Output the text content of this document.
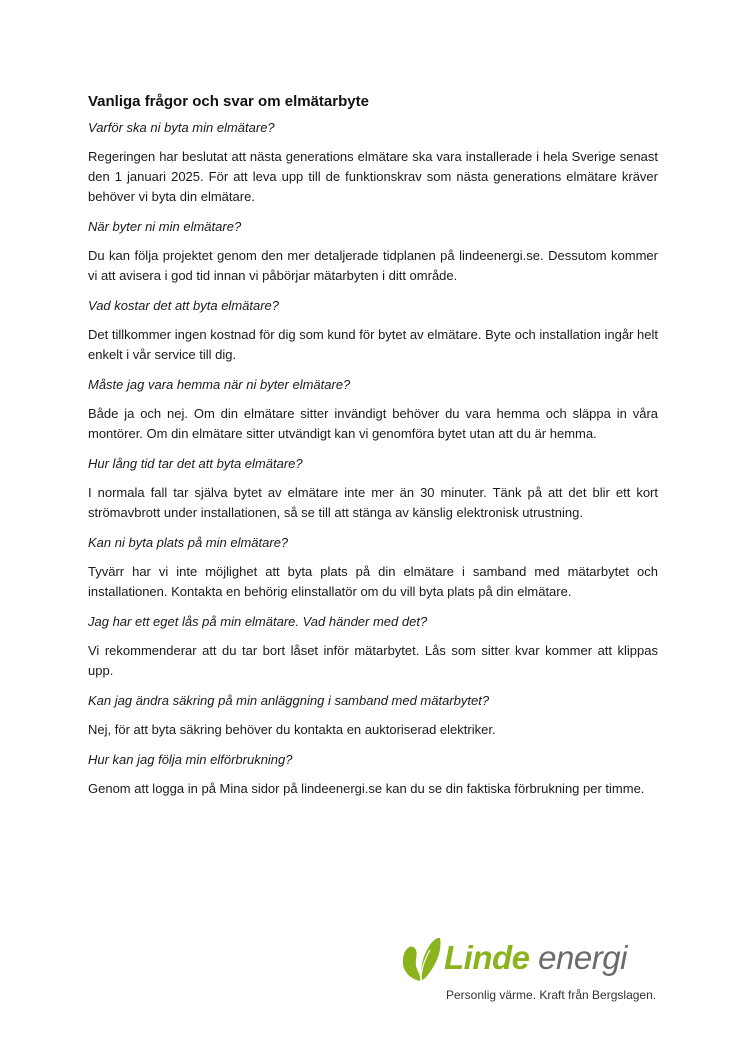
Vanliga frågor och svar om elmätarbyte
Varför ska ni byta min elmätare?
Regeringen har beslutat att nästa generations elmätare ska vara installerade i hela Sverige senast den 1 januari 2025. För att leva upp till de funktionskrav som nästa generations elmätare kräver behöver vi byta din elmätare.
När byter ni min elmätare?
Du kan följa projektet genom den mer detaljerade tidplanen på lindeenergi.se. Dessutom kommer vi att avisera i god tid innan vi påbörjar mätarbyten i ditt område.
Vad kostar det att byta elmätare?
Det tillkommer ingen kostnad för dig som kund för bytet av elmätare. Byte och installation ingår helt enkelt i vår service till dig.
Måste jag vara hemma när ni byter elmätare?
Både ja och nej. Om din elmätare sitter invändigt behöver du vara hemma och släppa in våra montörer. Om din elmätare sitter utvändigt kan vi genomföra bytet utan att du är hemma.
Hur lång tid tar det att byta elmätare?
I normala fall tar själva bytet av elmätare inte mer än 30 minuter. Tänk på att det blir ett kort strömavbrott under installationen, så se till att stänga av känslig elektronisk utrustning.
Kan ni byta plats på min elmätare?
Tyvärr har vi inte möjlighet att byta plats på din elmätare i samband med mätarbytet och installationen. Kontakta en behörig elinstallatör om du vill byta plats på din elmätare.
Jag har ett eget lås på min elmätare. Vad händer med det?
Vi rekommenderar att du tar bort låset inför mätarbytet. Lås som sitter kvar kommer att klippas upp.
Kan jag ändra säkring på min anläggning i samband med mätarbytet?
Nej, för att byta säkring behöver du kontakta en auktoriserad elektriker.
Hur kan jag följa min elförbrukning?
Genom att logga in på Mina sidor på lindeenergi.se kan du se din faktiska förbrukning per timme.
Linde energi
Personlig värme. Kraft från Bergslagen.
